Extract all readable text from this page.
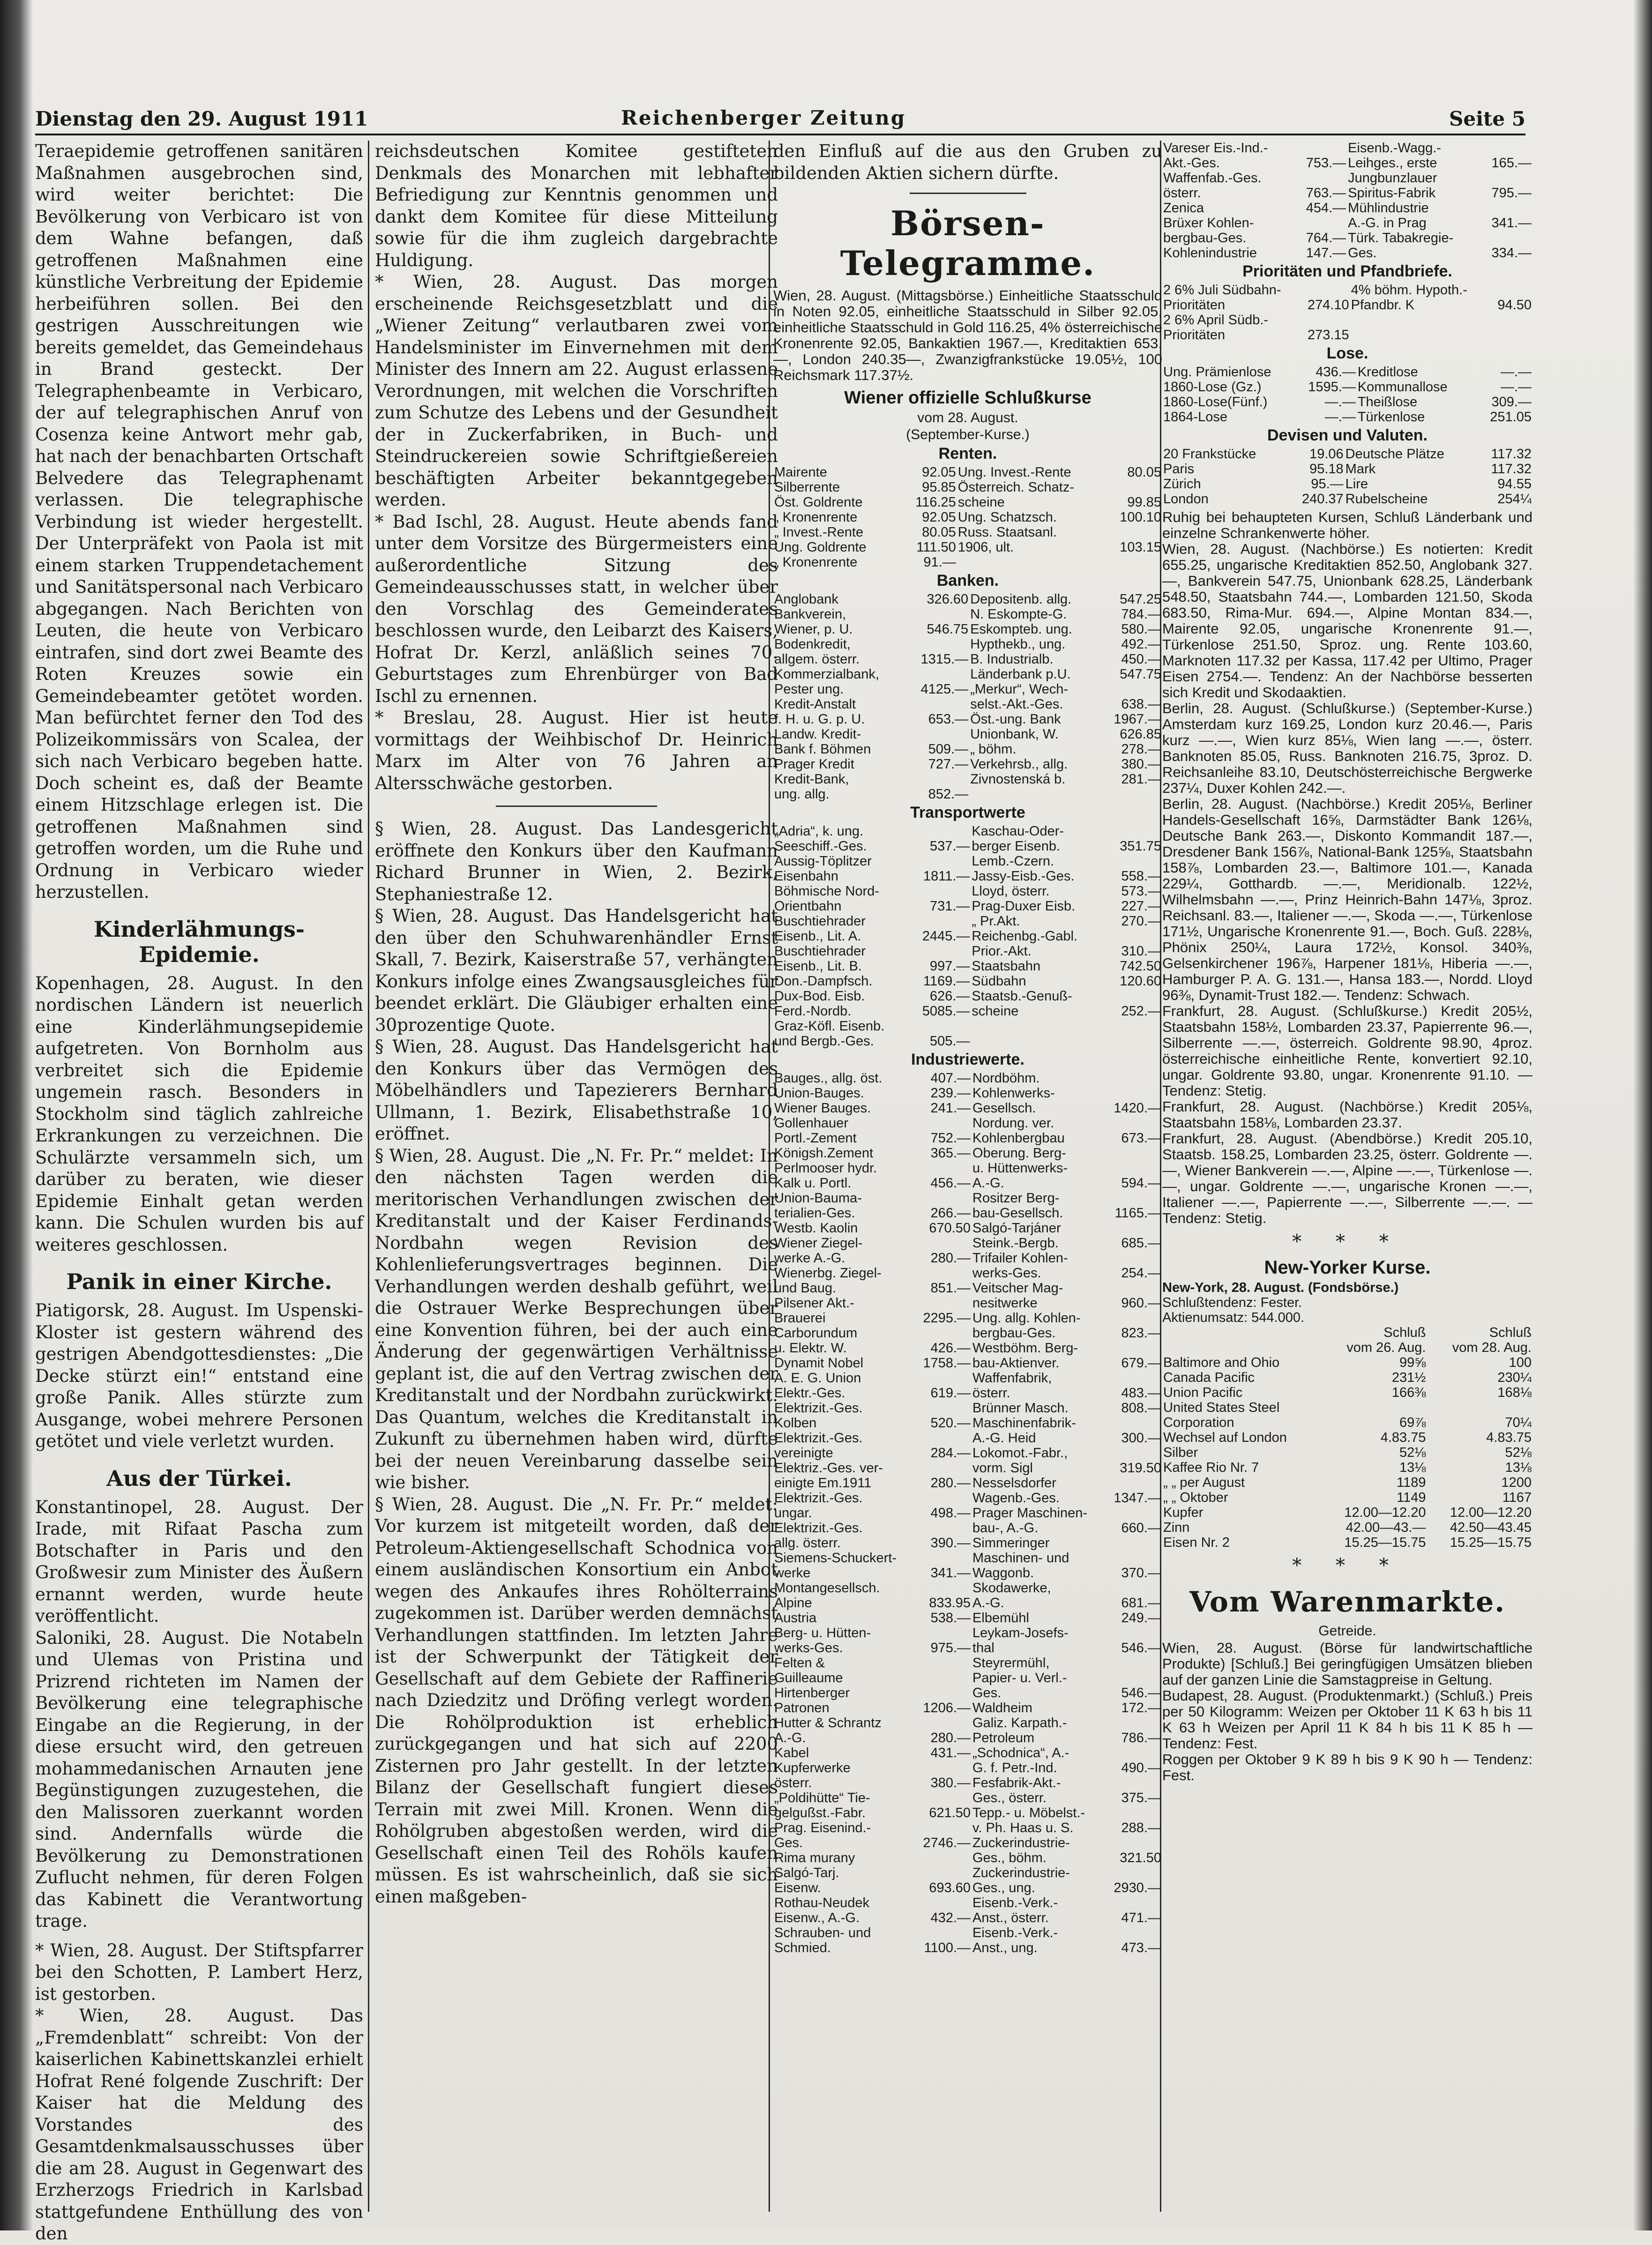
Dienstag den 29. August 1911	Reichenberger Zeitung	Seite 5

Teraepidemie getroffenen sanitären Maßnahmen ausgebrochen sind, wird weiter berichtet: Die Bevölkerung von Verbicaro ist von dem Wahne befangen, daß getroffenen Maßnahmen eine künstliche Verbreitung der Epidemie herbeiführen sollen. Bei den gestrigen Ausschreitungen wie bereits gemeldet, das Gemeindehaus in Brand gesteckt. Der Telegraphenbeamte in Verbicaro, der auf telegraphischen Anruf von Cosenza keine Antwort mehr gab, hat nach der benachbarten Ortschaft Belvedere das Telegraphenamt verlassen. Die telegraphische Verbindung ist wieder hergestellt. Der Unterpräfekt von Paola ist mit einem starken Truppendetachement und Sanitätspersonal nach Verbicaro abgegangen. Nach Berichten von Leuten, die heute von Verbicaro eintrafen, sind dort zwei Beamte des Roten Kreuzes sowie ein Gemeindebeamter getötet worden. Man befürchtet ferner den Tod des Polizeikommissärs von Scalea, der sich nach Verbicaro begeben hatte. Doch scheint es, daß der Beamte einem Hitzschlage erlegen ist. Die getroffenen Maßnahmen sind getroffen worden, um die Ruhe und Ordnung in Verbicaro wieder herzustellen.

Kinderlähmungs-Epidemie.

Kopenhagen, 28. August. In den nordischen Ländern ist neuerlich eine Kinderlähmungsepidemie aufgetreten. Von Bornholm aus verbreitet sich die Epidemie ungemein rasch. Besonders in Stockholm sind täglich zahlreiche Erkrankungen zu verzeichnen. Die Schulärzte versammeln sich, um darüber zu beraten, wie dieser Epidemie Einhalt getan werden kann. Die Schulen wurden bis auf weiteres geschlossen.

Panik in einer Kirche.

Piatigorsk, 28. August. Im Uspenski-Kloster ist gestern während des gestrigen Abendgottesdienstes: „Die Decke stürzt ein!“ entstand eine große Panik. Alles stürzte zum Ausgange, wobei mehrere Personen getötet und viele verletzt wurden.

Aus der Türkei.

Konstantinopel, 28. August. Der Irade, mit Rifaat Pascha zum Botschafter in Paris und den Großwesir zum Minister des Äußern ernannt werden, wurde heute veröffentlicht.

Saloniki, 28. August. Die Notabeln und Ulemas von Pristina und Prizrend richteten im Namen der Bevölkerung eine telegraphische Eingabe an die Regierung, in der diese ersucht wird, den getreuen mohammedanischen Arnauten jene Begünstigungen zuzugestehen, die den Malissoren zuerkannt worden sind. Andernfalls würde die Bevölkerung zu Demonstrationen Zuflucht nehmen, für deren Folgen das Kabinett die Verantwortung trage.

* Wien, 28. August. Der Stiftspfarrer bei den Schotten, P. Lambert Herz, ist gestorben.

* Wien, 28. August. Das „Fremdenblatt“ schreibt: Von der kaiserlichen Kabinettskanzlei erhielt Hofrat René folgende Zuschrift: Der Kaiser hat die Meldung des Vorstandes des Gesamtdenkmalsausschusses über die am 28. August in Gegenwart des Erzherzogs Friedrich in Karlsbad stattgefundene Enthüllung des von den

reichsdeutschen Komitee gestifteten Denkmals des Monarchen mit lebhafter Befriedigung zur Kenntnis genommen und dankt dem Komitee für diese Mitteilung sowie für die ihm zugleich dargebrachte Huldigung.

* Wien, 28. August. Das morgen erscheinende Reichsgesetzblatt und die „Wiener Zeitung“ verlautbaren zwei vom Handelsminister im Einvernehmen mit dem Minister des Innern am 22. August erlassene Verordnungen, mit welchen die Vorschriften zum Schutze des Lebens und der Gesundheit der in Zuckerfabriken, in Buch- und Steindruckereien sowie Schriftgießereien beschäftigten Arbeiter bekanntgegeben werden.

* Bad Ischl, 28. August. Heute abends fand unter dem Vorsitze des Bürgermeisters eine außerordentliche Sitzung des Gemeindeausschusses statt, in welcher über den Vorschlag des Gemeinderates beschlossen wurde, den Leibarzt des Kaisers, Hofrat Dr. Kerzl, anläßlich seines 70. Geburtstages zum Ehrenbürger von Bad Ischl zu ernennen.

* Breslau, 28. August. Hier ist heute vormittags der Weihbischof Dr. Heinrich Marx im Alter von 76 Jahren an Altersschwäche gestorben.

§ Wien, 28. August. Das Landesgericht eröffnete den Konkurs über den Kaufmann Richard Brunner in Wien, 2. Bezirk, Stephaniestraße 12.

§ Wien, 28. August. Das Handelsgericht hat den über den Schuhwarenhändler Ernst Skall, 7. Bezirk, Kaiserstraße 57, verhängten Konkurs infolge eines Zwangsausgleiches für beendet erklärt. Die Gläubiger erhalten eine 30prozentige Quote.

§ Wien, 28. August. Das Handelsgericht hat den Konkurs über das Vermögen des Möbelhändlers und Tapezierers Bernhard Ullmann, 1. Bezirk, Elisabethstraße 10, eröffnet.

§ Wien, 28. August. Die „N. Fr. Pr.“ meldet: In den nächsten Tagen werden die meritorischen Verhandlungen zwischen der Kreditanstalt und der Kaiser Ferdinands-Nordbahn wegen Revision des Kohlenlieferungsvertrages beginnen. Die Verhandlungen werden deshalb geführt, weil die Ostrauer Werke Besprechungen über eine Konvention führen, bei der auch eine Änderung der gegenwärtigen Verhältnisse geplant ist, die auf den Vertrag zwischen der Kreditanstalt und der Nordbahn zurückwirkt. Das Quantum, welches die Kreditanstalt in Zukunft zu übernehmen haben wird, dürfte bei der neuen Vereinbarung dasselbe sein wie bisher.

§ Wien, 28. August. Die „N. Fr. Pr.“ meldet: Vor kurzem ist mitgeteilt worden, daß der Petroleum-Aktiengesellschaft Schodnica von einem ausländischen Konsortium ein Anbot wegen des Ankaufes ihres Rohölterrains zugekommen ist. Darüber werden demnächst Verhandlungen stattfinden. Im letzten Jahre ist der Schwerpunkt der Tätigkeit der Gesellschaft auf dem Gebiete der Raffinerie nach Dziedzitz und Dröfing verlegt worden. Die Rohölproduktion ist erheblich zurückgegangen und hat sich auf 2200 Zisternen pro Jahr gestellt. In der letzten Bilanz der Gesellschaft fungiert dieses Terrain mit zwei Mill. Kronen. Wenn die Rohölgruben abgestoßen werden, wird die Gesellschaft einen Teil des Rohöls kaufen müssen. Es ist wahrscheinlich, daß sie sich einen maßgeben-

den Einfluß auf die aus den Gruben zu bildenden Aktien sichern dürfte.

Börsen-Telegramme.

Wien, 28. August. (Mittagsbörse.) Einheitliche Staatsschuld in Noten 92.05, einheitliche Staatsschuld in Silber 92.05, einheitliche Staatsschuld in Gold 116.25, 4% österreichische Kronenrente 92.05, Bankaktien 1967.—, Kreditaktien 653.—, London 240.35—, Zwanzigfrankstücke 19.05½, 100 Reichsmark 117.37½.

Wiener offizielle Schlußkurse
vom 28. August.
(September-Kurse.)
Renten.
Mairente	92.05	Ung. Invest.-Rente	80.05
Silberrente	95.85	Österreich. Schatz-	
Öst. Goldrente	116.25	scheine	99.85
„ Kronenrente	92.05	Ung. Schatzsch.	100.10
„ Invest.-Rente	80.05	Russ. Staatsanl.	
Ung. Goldrente	111.50	1906, ult.	103.15
„ Kronenrente	91.—		
Banken.
Anglobank	326.60	Depositenb. allg.	547.25
Bankverein,		N. Eskompte-G.	784.—
Wiener, p. U.	546.75	Eskompteb. ung.	580.—
Bodenkredit,		Hypthekb., ung.	492.—
allgem. österr.	1315.—	B. Industrialb.	450.—
Kommerzialbank,		Länderbank p.U.	547.75
Pester ung.	4125.—	„Merkur“, Wech-	
Kredit-Anstalt		selst.-Akt.-Ges.	638.—
f. H. u. G. p. U.	653.—	Öst.-ung. Bank	1967.—
Landw. Kredit-		Unionbank, W.	626.85
Bank f. Böhmen	509.—	„ böhm.	278.—
Prager Kredit	727.—	Verkehrsb., allg.	380.—
Kredit-Bank,		Zivnostenská b.	281.—
ung. allg.	852.—		
Transportwerte
„Adria“, k. ung.		Kaschau-Oder-	
Seeschiff.-Ges.	537.—	berger Eisenb.	351.75
Aussig-Töplitzer		Lemb.-Czern.	
Eisenbahn	1811.—	Jassy-Eisb.-Ges.	558.—
Böhmische Nord-		Lloyd, österr.	573.—
Orientbahn	731.—	Prag-Duxer Eisb.	227.—
Buschtiehrader		„ Pr.Akt.	270.—
Eisenb., Lit. A.	2445.—	Reichenbg.-Gabl.	
Buschtiehrader		Prior.-Akt.	310.—
Eisenb., Lit. B.	997.—	Staatsbahn	742.50
Don.-Dampfsch.	1169.—	Südbahn	120.60
Dux-Bod. Eisb.	626.—	Staatsb.-Genuß-	
Ferd.-Nordb.	5085.—	scheine	252.—
Graz-Köfl. Eisenb.			
und Bergb.-Ges.	505.—		
Industriewerte.
Bauges., allg. öst.	407.—	Nordböhm.	
Union-Bauges.	239.—	Kohlenwerks-	
Wiener Bauges.	241.—	Gesellsch.	1420.—
Gollenhauer		Nordung. ver.	
Portl.-Zement	752.—	Kohlenbergbau	673.—
Königsh.Zement	365.—	Oberung. Berg-	
Perlmooser hydr.		u. Hüttenwerks-	
Kalk u. Portl.	456.—	A.-G.	594.—
Union-Bauma-		Rositzer Berg-	
terialien-Ges.	266.—	bau-Gesellsch.	1165.—
Westb. Kaolin	670.50	Salgó-Tarjáner	
Wiener Ziegel-		Steink.-Bergb.	685.—
werke A.-G.	280.—	Trifailer Kohlen-	
Wienerbg. Ziegel-		werks-Ges.	254.—
und Baug.	851.—	Veitscher Mag-	
Pilsener Akt.-		nesitwerke	960.—
Brauerei	2295.—	Ung. allg. Kohlen-	
Carborundum		bergbau-Ges.	823.—
u. Elektr. W.	426.—	Westböhm. Berg-	
Dynamit Nobel	1758.—	bau-Aktienver.	679.—
A. E. G. Union		Waffenfabrik,	
Elektr.-Ges.	619.—	österr.	483.—
Elektrizit.-Ges.		Brünner Masch.	808.—
Kolben	520.—	Maschinenfabrik-	
Elektrizit.-Ges.		A.-G. Heid	300.—
vereinigte	284.—	Lokomot.-Fabr.,	
Elektriz.-Ges. ver-		vorm. Sigl	319.50
einigte Em.1911	280.—	Nesselsdorfer	
Elektrizit.-Ges.		Wagenb.-Ges.	1347.—
ungar.	498.—	Prager Maschinen-	
Elektrizit.-Ges.		bau-, A.-G.	660.—
allg. österr.	390.—	Simmeringer	
Siemens-Schuckert-		Maschinen- und	
werke	341.—	Waggonb.	370.—
Montangesellsch.		Skodawerke,	
Alpine	833.95	A.-G.	681.—
Austria	538.—	Elbemühl	249.—
Berg- u. Hütten-		Leykam-Josefs-	
werks-Ges.	975.—	thal	546.—
Felten &		Steyrermühl,	
Guilleaume		Papier- u. Verl.-	
Hirtenberger		Ges.	546.—
Patronen	1206.—	Waldheim	172.—
Hutter & Schrantz		Galiz. Karpath.-	
A.-G.	280.—	Petroleum	786.—
Kabel	431.—	„Schodnica“, A.-	
Kupferwerke		G. f. Petr.-Ind.	490.—
österr.	380.—	Fesfabrik-Akt.-	
„Poldihütte“ Tie-		Ges., österr.	375.—
gelgußst.-Fabr.	621.50	Tepp.- u. Möbelst.-	
Prag. Eisenind.-		v. Ph. Haas u. S.	288.—
Ges.	2746.—	Zuckerindustrie-	
Rima murany		Ges., böhm.	321.50
Salgó-Tarj.		Zuckerindustrie-	
Eisenw.	693.60	Ges., ung.	2930.—
Rothau-Neudek		Eisenb.-Verk.-	
Eisenw., A.-G.	432.—	Anst., österr.	471.—
Schrauben- und		Eisenb.-Verk.-	
Schmied.	1100.—	Anst., ung.	473.—
Vareser Eis.-Ind.-		Eisenb.-Wagg.-	
Akt.-Ges.	753.—	Leihges., erste	165.—
Waffenfab.-Ges.		Jungbunzlauer	
österr.	763.—	Spiritus-Fabrik	795.—
Zenica	454.—	Mühlindustrie	
Brüxer Kohlen-		A.-G. in Prag	341.—
bergbau-Ges.	764.—	Türk. Tabakregie-	
Kohlenindustrie	147.—	Ges.	334.—
Prioritäten und Pfandbriefe.
2 6% Juli Südbahn-		4% böhm. Hypoth.-	
Prioritäten	274.10	Pfandbr. K	94.50
2 6% April Südb.-			
Prioritäten	273.15		
Lose.
Ung. Prämienlose	436.—	Kreditlose	—.—
1860-Lose (Gz.)	1595.—	Kommunallose	—.—
1860-Lose(Fünf.)	—.—	Theißlose	309.—
1864-Lose	—.—	Türkenlose	251.05
Devisen und Valuten.
20 Frankstücke	19.06	Deutsche Plätze	117.32
Paris	95.18	Mark	117.32
Zürich	95.—	Lire	94.55
London	240.37	Rubelscheine	254¼

Ruhig bei behaupteten Kursen, Schluß Länderbank und einzelne Schrankenwerte höher.

Wien, 28. August. (Nachbörse.) Es notierten: Kredit 655.25, ungarische Kreditaktien 852.50, Anglobank 327.—, Bankverein 547.75, Unionbank 628.25, Länderbank 548.50, Staatsbahn 744.—, Lombarden 121.50, Skoda 683.50, Rima-Mur. 694.—, Alpine Montan 834.—, Mairente 92.05, ungarische Kronenrente 91.—, Türkenlose 251.50, Sproz. ung. Rente 103.60, Marknoten 117.32 per Kassa, 117.42 per Ultimo, Prager Eisen 2754.—. Tendenz: An der Nachbörse besserten sich Kredit und Skodaaktien.

Berlin, 28. August. (Schlußkurse.) (September-Kurse.) Amsterdam kurz 169.25, London kurz 20.46.—, Paris kurz —.—, Wien kurz 85⅛, Wien lang —.—, österr. Banknoten 85.05, Russ. Banknoten 216.75, 3proz. D. Reichsanleihe 83.10, Deutschösterreichische Bergwerke 237¼, Duxer Kohlen 242.—.

Berlin, 28. August. (Nachbörse.) Kredit 205⅛, Berliner Handels-Gesellschaft 16⅝, Darmstädter Bank 126⅛, Deutsche Bank 263.—, Diskonto Kommandit 187.—, Dresdener Bank 156⅞, National-Bank 125⅝, Staatsbahn 158⅞, Lombarden 23.—, Baltimore 101.—, Kanada 229¼, Gotthardb. —.—, Meridionalb. 122½, Wilhelmsbahn —.—, Prinz Heinrich-Bahn 147⅛, 3proz. Reichsanl. 83.—, Italiener —.—, Skoda —.—, Türkenlose 171½, Ungarische Kronenrente 91.—, Boch. Guß. 228⅛, Phönix 250¼, Laura 172½, Konsol. 340⅜, Gelsenkirchener 196⅞, Harpener 181⅛, Hiberia —.—, Hamburger P. A. G. 131.—, Hansa 183.—, Nordd. Lloyd 96⅜, Dynamit-Trust 182.—. Tendenz: Schwach.

Frankfurt, 28. August. (Schlußkurse.) Kredit 205½, Staatsbahn 158½, Lombarden 23.37, Papierrente 96.—, Silberrente —.—, österreich. Goldrente 98.90, 4proz. österreichische einheitliche Rente, konvertiert 92.10, ungar. Goldrente 93.80, ungar. Kronenrente 91.10. — Tendenz: Stetig.

Frankfurt, 28. August. (Nachbörse.) Kredit 205⅛, Staatsbahn 158⅛, Lombarden 23.37.

Frankfurt, 28. August. (Abendbörse.) Kredit 205.10, Staatsb. 158.25, Lombarden 23.25, österr. Goldrente —.—, Wiener Bankverein —.—, Alpine —.—, Türkenlose —.—, ungar. Goldrente —.—, ungarische Kronen —.—, Italiener —.—, Papierrente —.—, Silberrente —.—. — Tendenz: Stetig.

* * *
New-Yorker Kurse.
New-York, 28. August. (Fondsbörse.)
Schlußtendenz: Fester.
Aktienumsatz: 544.000.
	Schluß	Schluß
	vom 26. Aug.	vom 28. Aug.
Baltimore and Ohio	99⅝	100
Canada Pacific	231½	230¼
Union Pacific	166⅜	168⅛
United States Steel		
Corporation	69⅞	70¼
Wechsel auf London	4.83.75	4.83.75
Silber	52⅛	52⅛
Kaffee Rio Nr. 7	13⅛	13⅛
„ „ per August	1189	1200
„ „ Oktober	1149	1167
Kupfer	12.00—12.20	12.00—12.20
Zinn	42.00—43.—	42.50—43.45
Eisen Nr. 2	15.25—15.75	15.25—15.75
* * *
Vom Warenmarkte.
Getreide.

Wien, 28. August. (Börse für landwirtschaftliche Produkte) [Schluß.] Bei geringfügigen Umsätzen blieben auf der ganzen Linie die Samstagpreise in Geltung.

Budapest, 28. August. (Produktenmarkt.) (Schluß.) Preis per 50 Kilogramm: Weizen per Oktober 11 K 63 h bis 11 K 63 h Weizen per April 11 K 84 h bis 11 K 85 h — Tendenz: Fest.

Roggen per Oktober 9 K 89 h bis 9 K 90 h — Tendenz: Fest.
